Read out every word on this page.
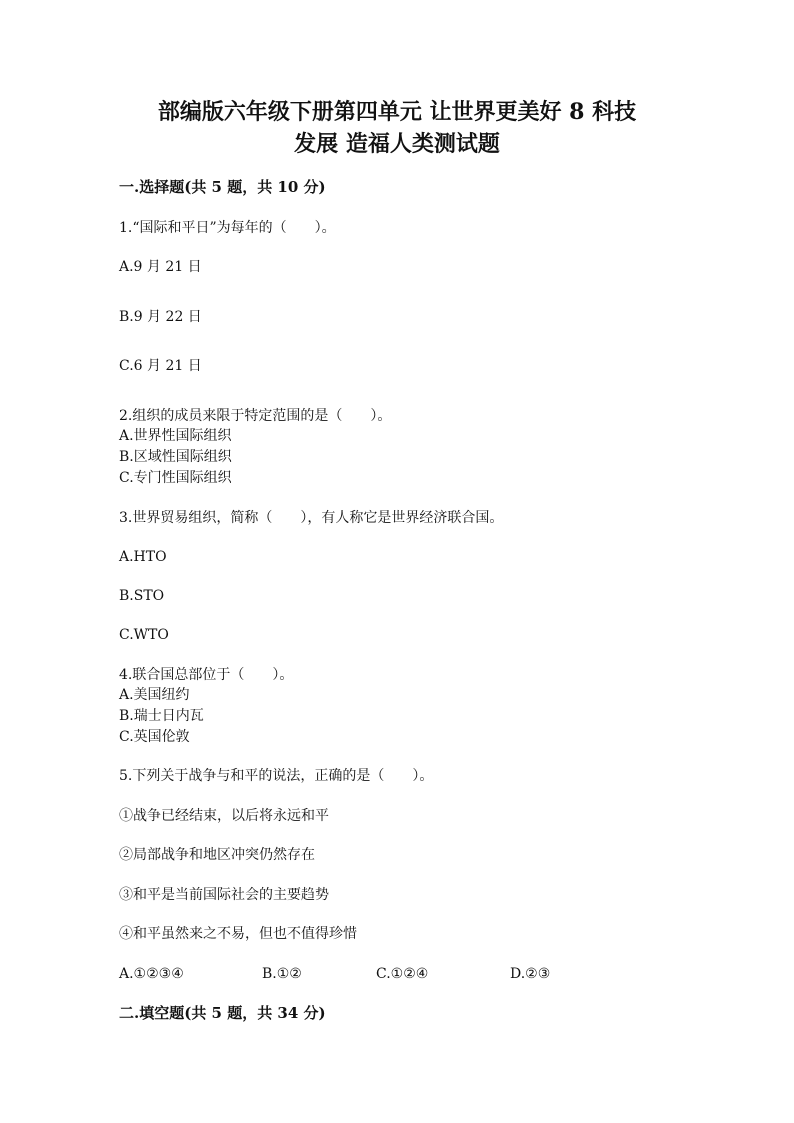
部编版六年级下册第四单元 让世界更美好 8 科技
发展 造福人类测试题
一.选择题(共 5 题，共 10 分)
1.“国际和平日”为每年的（　　）。
A.9 月 21 日
B.9 月 22 日
C.6 月 21 日
2.组织的成员来限于特定范围的是（　　）。
A.世界性国际组织
B.区域性国际组织
C.专门性国际组织
3.世界贸易组织，简称（　　），有人称它是世界经济联合国。
A.HTO
B.STO
C.WTO
4.联合国总部位于（　　）。
A.美国纽约
B.瑞士日内瓦
C.英国伦敦
5.下列关于战争与和平的说法，正确的是（　　）。
①战争已经结束，以后将永远和平
②局部战争和地区冲突仍然存在
③和平是当前国际社会的主要趋势
④和平虽然来之不易，但也不值得珍惜
A.①②③④	B.①②	C.①②④	D.②③
二.填空题(共 5 题，共 34 分)
